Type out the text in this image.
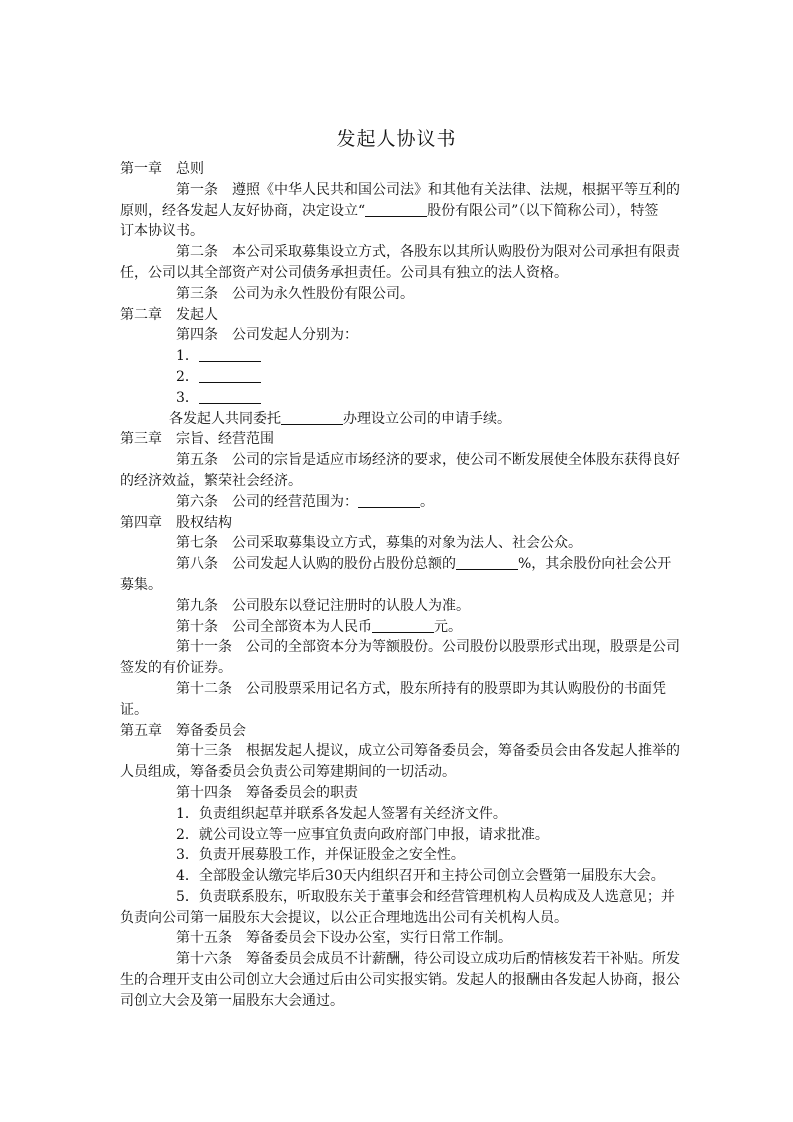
发起人协议书
第一章　总则
第一条　遵照《中华人民共和国公司法》和其他有关法律、法规，根据平等互利的
原则，经各发起人友好协商，决定设立“	股份有限公司”（以下简称公司），特签
订本协议书。
第二条　本公司采取募集设立方式，各股东以其所认购股份为限对公司承担有限责
任，公司以其全部资产对公司债务承担责任。公司具有独立的法人资格。
第三条　公司为永久性股份有限公司。
第二章　发起人
第四条　公司发起人分别为：
1．
2．
3．
各发起人共同委托	办理设立公司的申请手续。
第三章　宗旨、经营范围
第五条　公司的宗旨是适应市场经济的要求，使公司不断发展使全体股东获得良好
的经济效益，繁荣社会经济。
第六条　公司的经营范围为：	。
第四章　股权结构
第七条　公司采取募集设立方式，募集的对象为法人、社会公众。
第八条　公司发起人认购的股份占股份总额的	%，其余股份向社会公开
募集。
第九条　公司股东以登记注册时的认股人为准。
第十条　公司全部资本为人民币	元。
第十一条　公司的全部资本分为等额股份。公司股份以股票形式出现，股票是公司
签发的有价证券。
第十二条　公司股票采用记名方式，股东所持有的股票即为其认购股份的书面凭
证。
第五章　筹备委员会
第十三条　根据发起人提议，成立公司筹备委员会，筹备委员会由各发起人推举的
人员组成，筹备委员会负责公司筹建期间的一切活动。
第十四条　筹备委员会的职责
1．负责组织起草并联系各发起人签署有关经济文件。
2．就公司设立等一应事宜负责向政府部门申报，请求批准。
3．负责开展募股工作，并保证股金之安全性。
4．全部股金认缴完毕后30天内组织召开和主持公司创立会暨第一届股东大会。
5．负责联系股东，听取股东关于董事会和经营管理机构人员构成及人选意见；并
负责向公司第一届股东大会提议，以公正合理地选出公司有关机构人员。
第十五条　筹备委员会下设办公室，实行日常工作制。
第十六条　筹备委员会成员不计薪酬，待公司设立成功后酌情核发若干补贴。所发
生的合理开支由公司创立大会通过后由公司实报实销。发起人的报酬由各发起人协商，报公
司创立大会及第一届股东大会通过。
